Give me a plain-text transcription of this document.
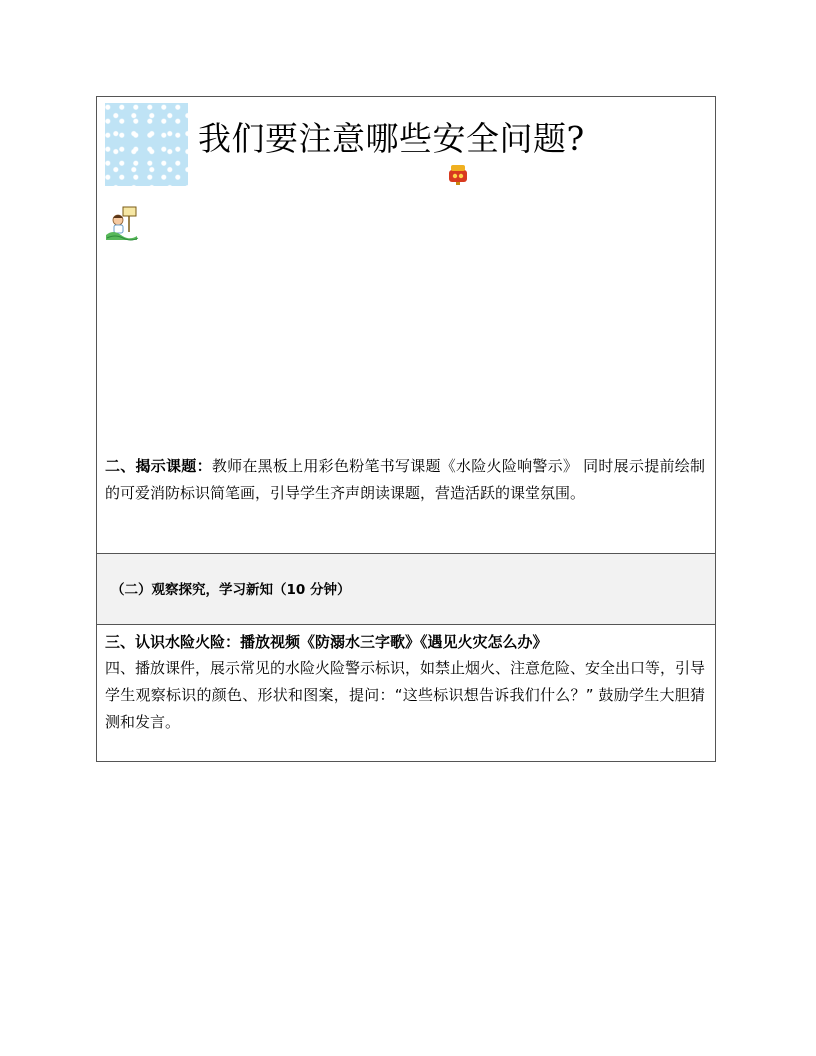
我们要注意哪些安全问题?
二、揭示课题：教师在黑板上用彩色粉笔书写课题《水险火险响警示》 同时展示提前绘制的可爱消防标识简笔画，引导学生齐声朗读课题，营造活跃的课堂氛围。
（二）观察探究，学习新知（10 分钟）
三、认识水险火险：播放视频《防溺水三字歌》《遇见火灾怎么办》
四、播放课件，展示常见的水险火险警示标识，如禁止烟火、注意危险、安全出口等，引导学生观察标识的颜色、形状和图案，提问：“这些标识想告诉我们什么？” 鼓励学生大胆猜测和发言。
